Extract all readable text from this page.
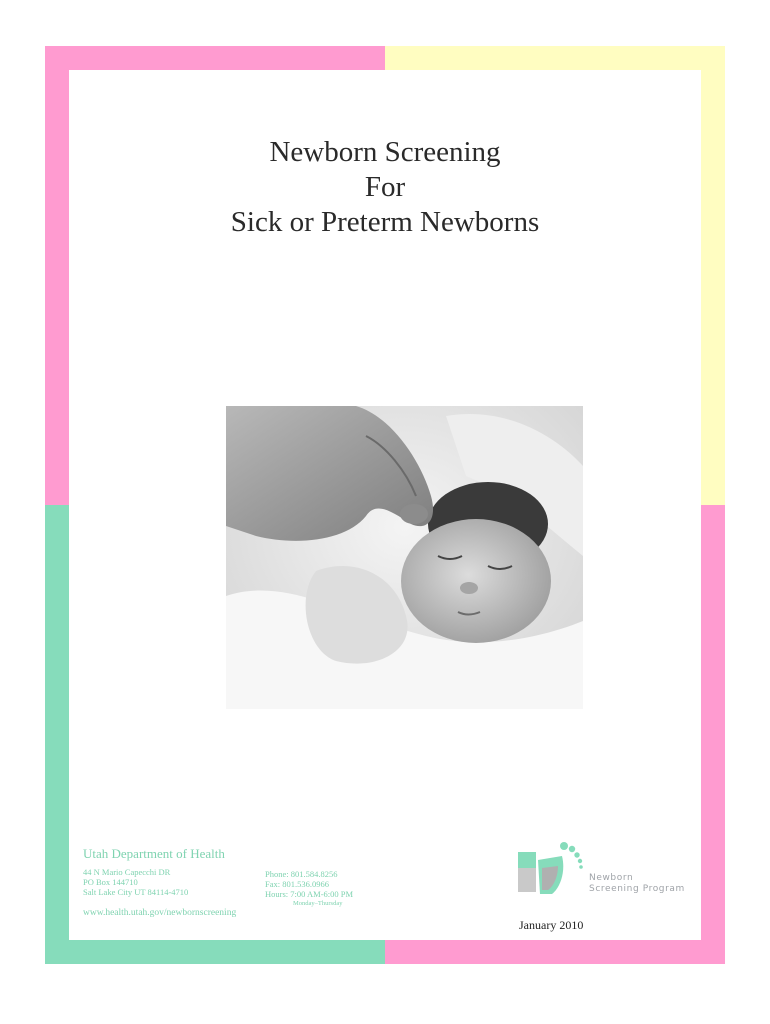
Newborn Screening
For
Sick or Preterm Newborns
Utah Department of Health
44 N Mario Capecchi DR
PO Box 144710
Salt Lake City UT 84114-4710
Phone: 801.584.8256
Fax: 801.536.0966
Hours: 7:00 AM-6:00 PM
Monday–Thursday
www.health.utah.gov/newbornscreening
Newborn
Screening Program
January 2010
